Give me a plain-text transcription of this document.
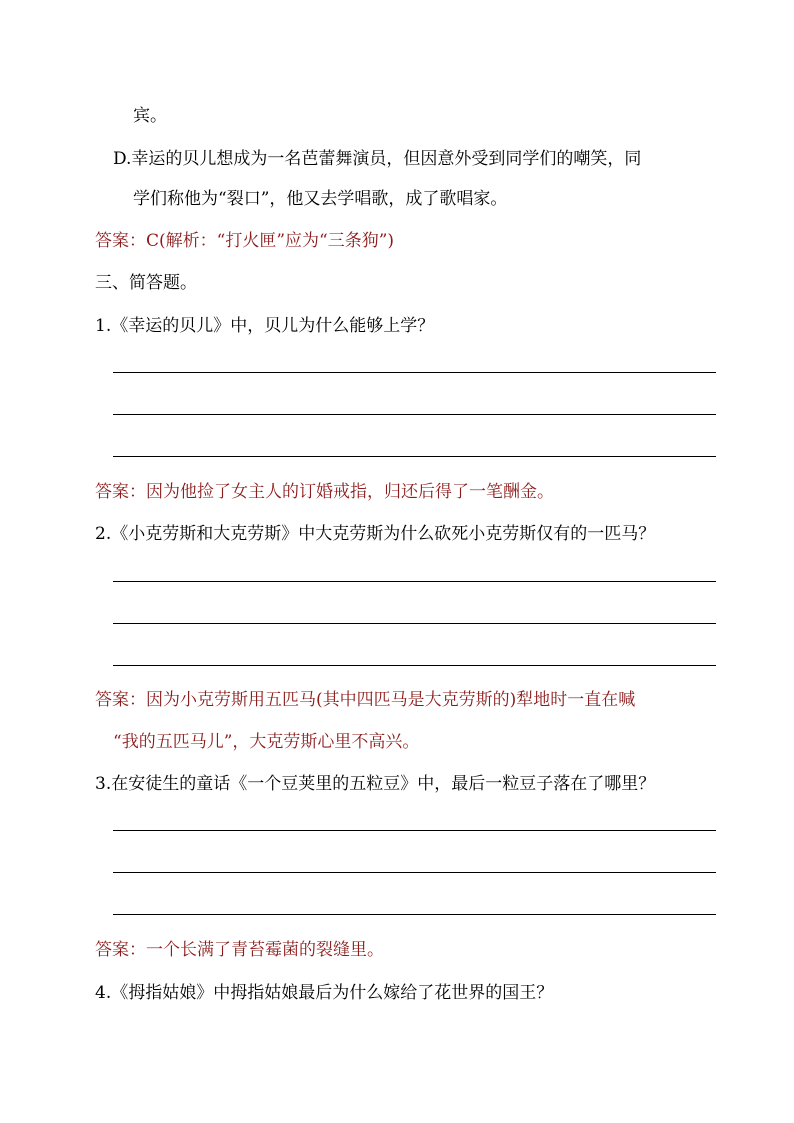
宾。
D.幸运的贝儿想成为一名芭蕾舞演员，但因意外受到同学们的嘲笑，同
学们称他为“裂口”，他又去学唱歌，成了歌唱家。
答案：C(解析：“打火匣”应为“三条狗”)
三、简答题。
1.《幸运的贝儿》中，贝儿为什么能够上学？
答案：因为他捡了女主人的订婚戒指，归还后得了一笔酬金。
2.《小克劳斯和大克劳斯》中大克劳斯为什么砍死小克劳斯仅有的一匹马？
答案：因为小克劳斯用五匹马(其中四匹马是大克劳斯的)犁地时一直在喊
“我的五匹马儿”，大克劳斯心里不高兴。
3.在安徒生的童话《一个豆荚里的五粒豆》中，最后一粒豆子落在了哪里？
答案：一个长满了青苔霉菌的裂缝里。
4.《拇指姑娘》中拇指姑娘最后为什么嫁给了花世界的国王？
